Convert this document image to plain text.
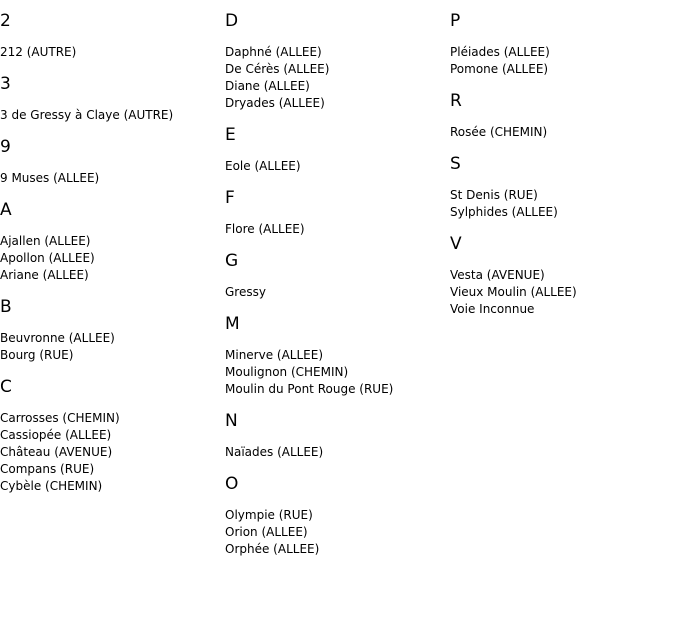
2
212 (AUTRE)
3
3 de Gressy à Claye (AUTRE)
9
9 Muses (ALLEE)
A
Ajallen (ALLEE)
Apollon (ALLEE)
Ariane (ALLEE)
B
Beuvronne (ALLEE)
Bourg (RUE)
C
Carrosses (CHEMIN)
Cassiopée (ALLEE)
Château (AVENUE)
Compans (RUE)
Cybèle (CHEMIN)
D
Daphné (ALLEE)
De Cérès (ALLEE)
Diane (ALLEE)
Dryades (ALLEE)
E
Eole (ALLEE)
F
Flore (ALLEE)
G
Gressy
M
Minerve (ALLEE)
Moulignon (CHEMIN)
Moulin du Pont Rouge (RUE)
N
Naïades (ALLEE)
O
Olympie (RUE)
Orion (ALLEE)
Orphée (ALLEE)
P
Pléiades (ALLEE)
Pomone (ALLEE)
R
Rosée (CHEMIN)
S
St Denis (RUE)
Sylphides (ALLEE)
V
Vesta (AVENUE)
Vieux Moulin (ALLEE)
Voie Inconnue
